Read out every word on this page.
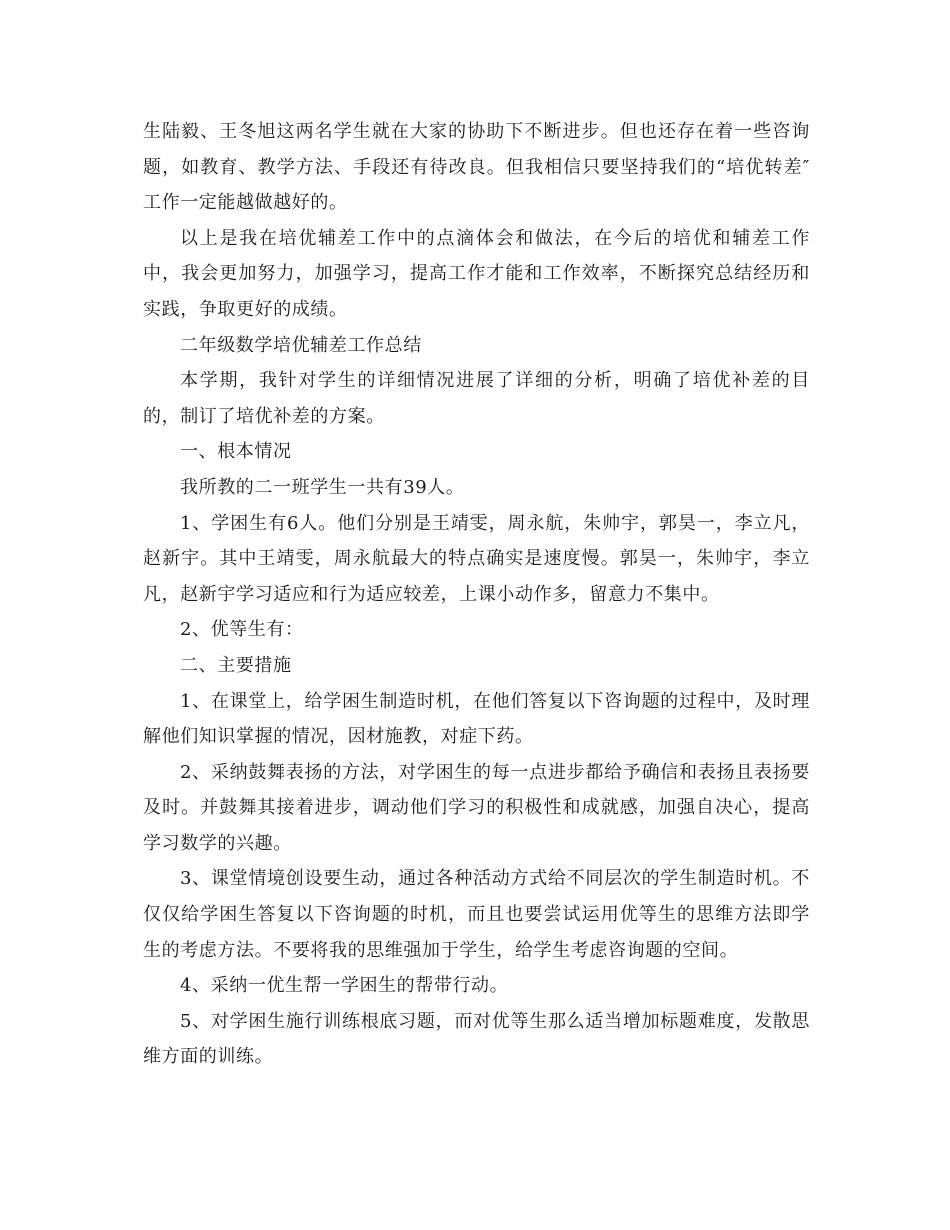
生陆毅、王冬旭这两名学生就在大家的协助下不断进步。但也还存在着一些咨询题，如教育、教学方法、手段还有待改良。但我相信只要坚持我们的“培优转差″工作一定能越做越好的。

以上是我在培优辅差工作中的点滴体会和做法，在今后的培优和辅差工作中，我会更加努力，加强学习，提高工作才能和工作效率，不断探究总结经历和实践，争取更好的成绩。

二年级数学培优辅差工作总结

本学期，我针对学生的详细情况进展了详细的分析，明确了培优补差的目的，制订了培优补差的方案。

一、根本情况

我所教的二一班学生一共有39人。

1、学困生有6人。他们分别是王靖雯，周永航，朱帅宇，郭昊一，李立凡，赵新宇。其中王靖雯，周永航最大的特点确实是速度慢。郭昊一，朱帅宇，李立凡，赵新宇学习适应和行为适应较差，上课小动作多，留意力不集中。

2、优等生有：

二、主要措施

1、在课堂上，给学困生制造时机，在他们答复以下咨询题的过程中，及时理解他们知识掌握的情况，因材施教，对症下药。

2、采纳鼓舞表扬的方法，对学困生的每一点进步都给予确信和表扬且表扬要及时。并鼓舞其接着进步，调动他们学习的积极性和成就感，加强自决心，提高学习数学的兴趣。

3、课堂情境创设要生动，通过各种活动方式给不同层次的学生制造时机。不仅仅给学困生答复以下咨询题的时机，而且也要尝试运用优等生的思维方法即学生的考虑方法。不要将我的思维强加于学生，给学生考虑咨询题的空间。

4、采纳一优生帮一学困生的帮带行动。

5、对学困生施行训练根底习题，而对优等生那么适当增加标题难度，发散思维方面的训练。
